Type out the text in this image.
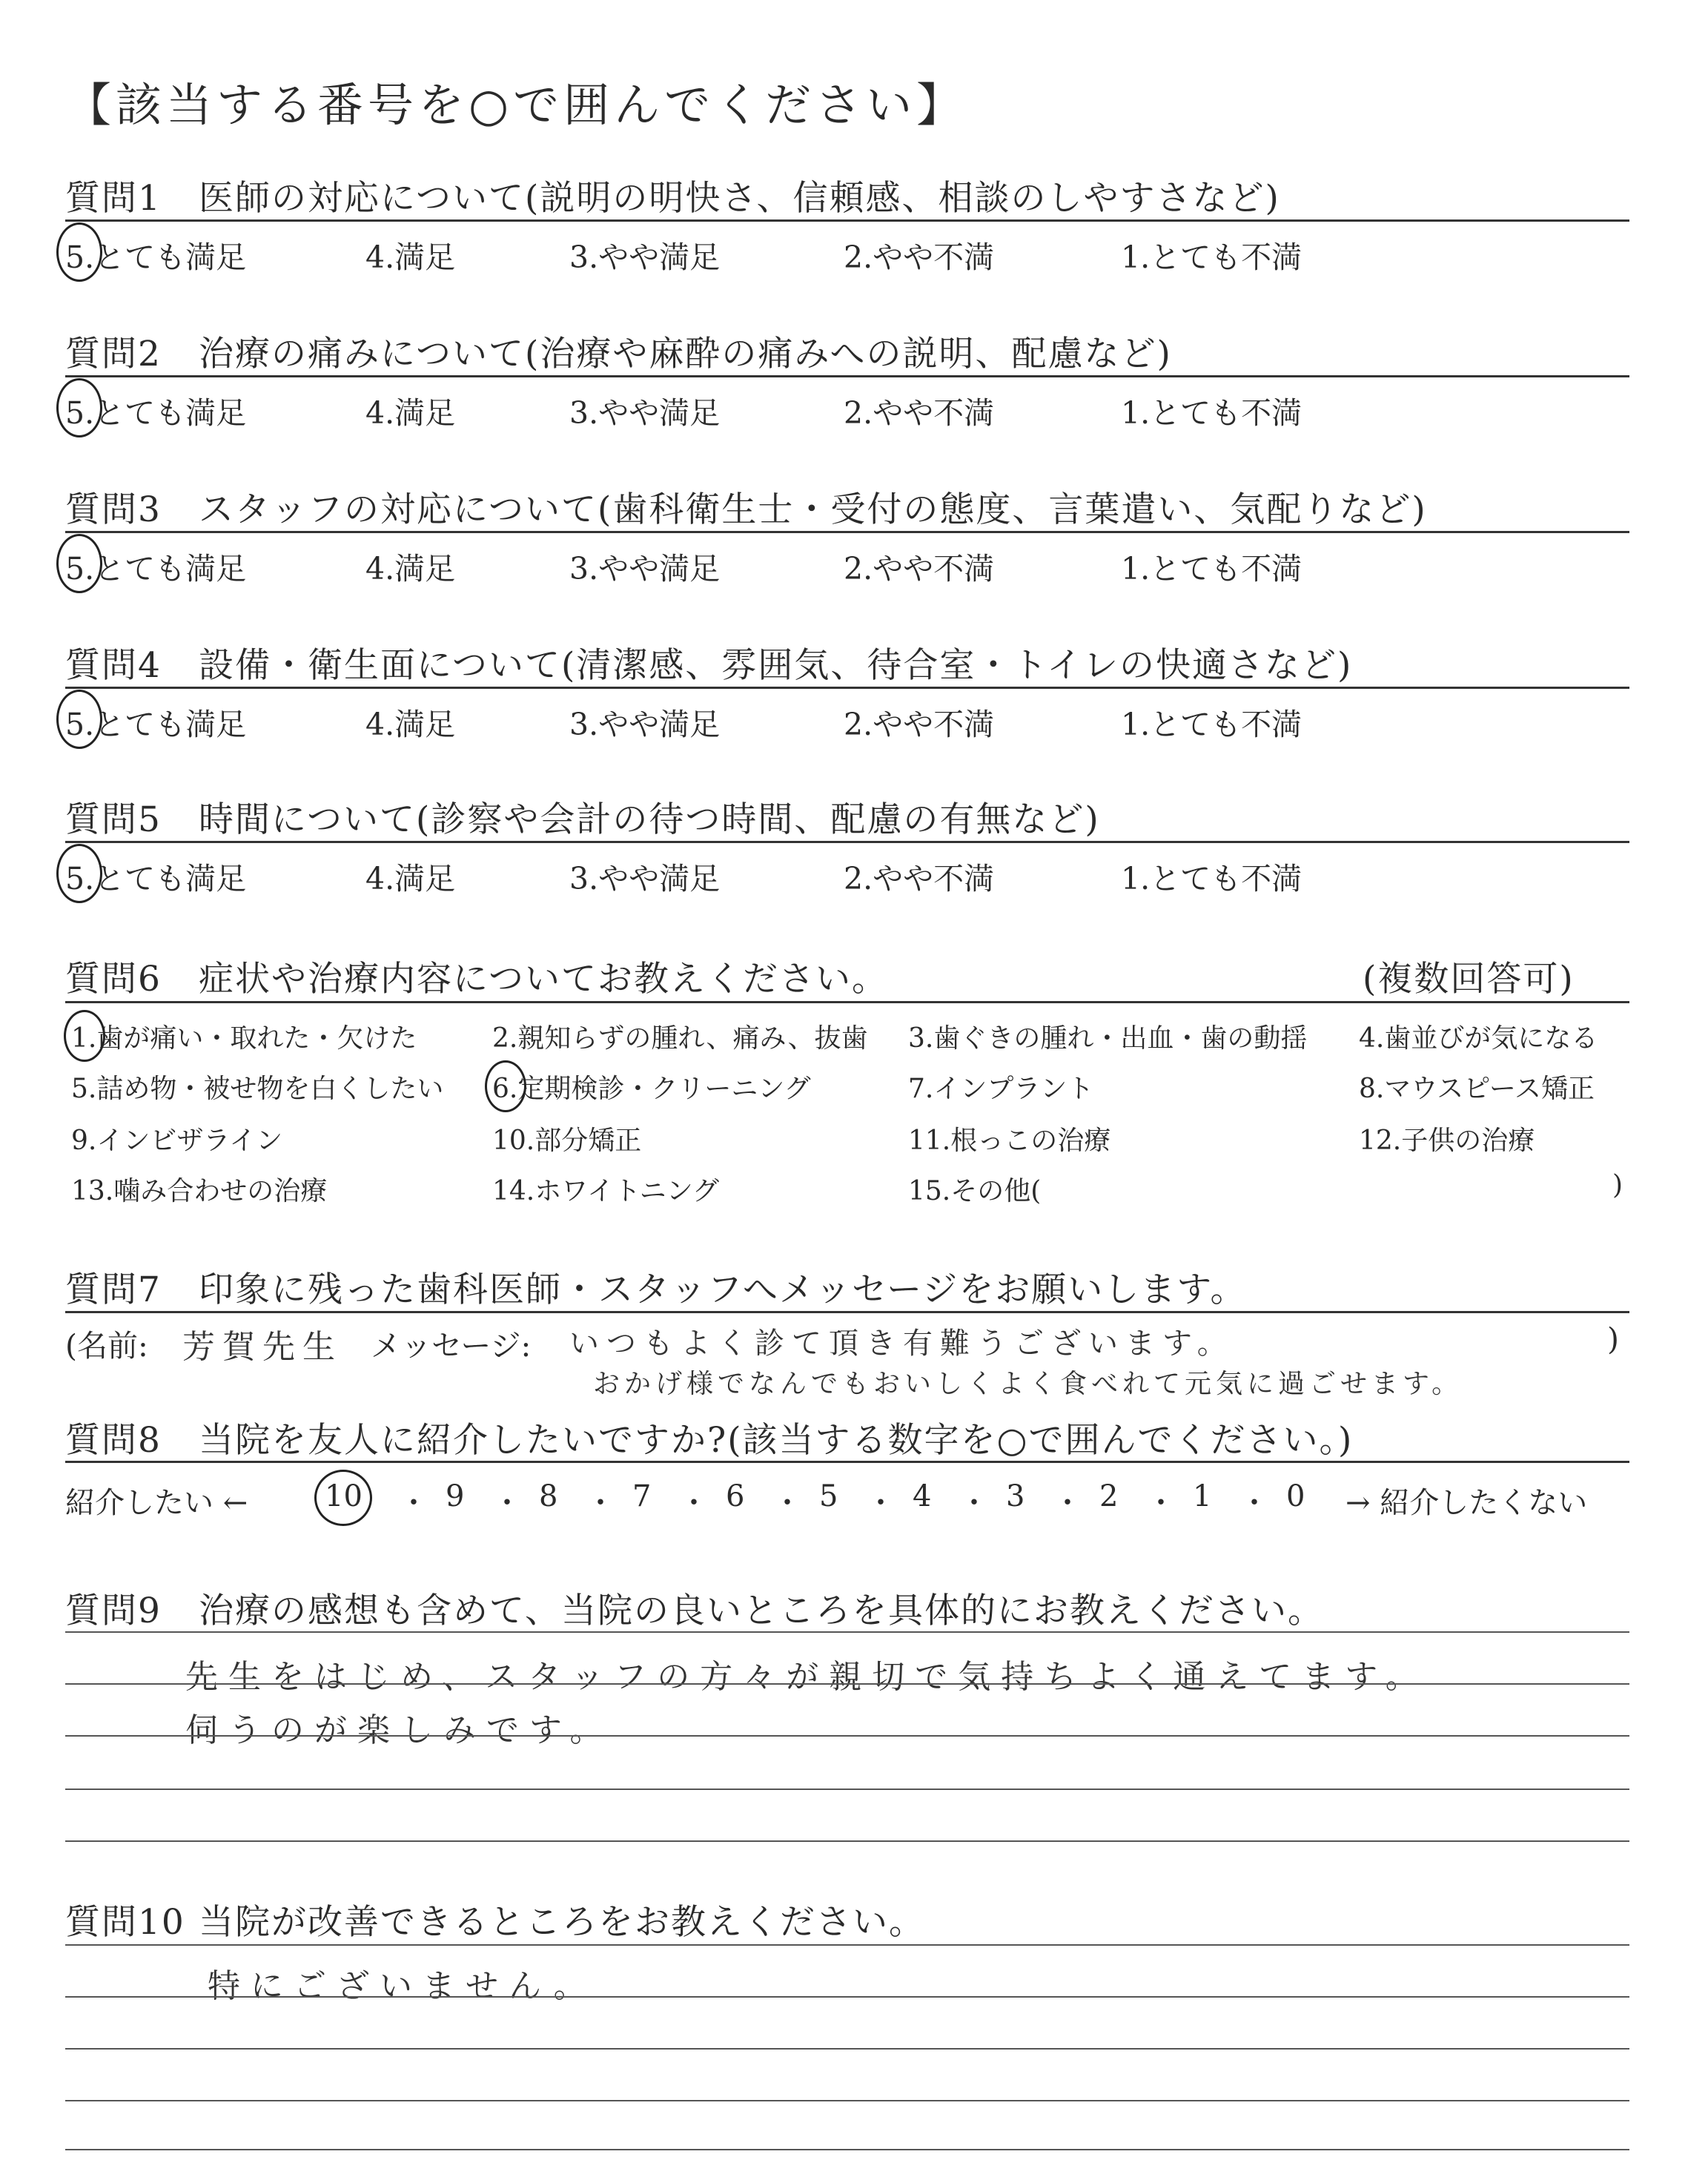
【該当する番号を○で囲んでください】
質問1 医師の対応について(説明の明快さ、信頼感、相談のしやすさなど)
5.とても満足	4.満足	3.やや満足	2.やや不満	1.とても不満
質問2 治療の痛みについて(治療や麻酔の痛みへの説明、配慮など)
5.とても満足	4.満足	3.やや満足	2.やや不満	1.とても不満
質問3 スタッフの対応について(歯科衛生士・受付の態度、言葉遣い、気配りなど)
5.とても満足	4.満足	3.やや満足	2.やや不満	1.とても不満
質問4 設備・衛生面について(清潔感、雰囲気、待合室・トイレの快適さなど)
5.とても満足	4.満足	3.やや満足	2.やや不満	1.とても不満
質問5 時間について(診察や会計の待つ時間、配慮の有無など)
5.とても満足	4.満足	3.やや満足	2.やや不満	1.とても不満
質問6 症状や治療内容についてお教えください。	(複数回答可)
1.歯が痛い・取れた・欠けた	2.親知らずの腫れ、痛み、抜歯 3.歯ぐきの腫れ・出血・歯の動揺 4.歯並びが気になる
5.詰め物・被せ物を白くしたい 6.定期検診・クリーニング	7.インプラント	8.マウスピース矯正
9.インビザライン	10.部分矯正	11.根っこの治療	12.子供の治療
13.噛み合わせの治療	14.ホワイトニング	15.その他(	)
質問7 印象に残った歯科医師・スタッフへメッセージをお願いします。
(名前: 芳賀先生 メッセージ: いつもよく診て頂き有難うございます。
おかげ様でなんでもおいしくよく食べれて元気に過ごせます。
)
質問8 当院を友人に紹介したいですか?(該当する数字を○で囲んでください。)
紹介したい ←	10 ・ 9 ・ 8 ・ 7 ・ 6 ・ 5 ・ 4 ・ 3 ・ 2 ・ 1 ・ 0 → 紹介したくない
質問9 治療の感想も含めて、当院の良いところを具体的にお教えください。
先生をはじめ、スタッフの方々が親切で気持ちよく通えてます。
伺うのが楽しみです。
質問10 当院が改善できるところをお教えください。
特にございません。
